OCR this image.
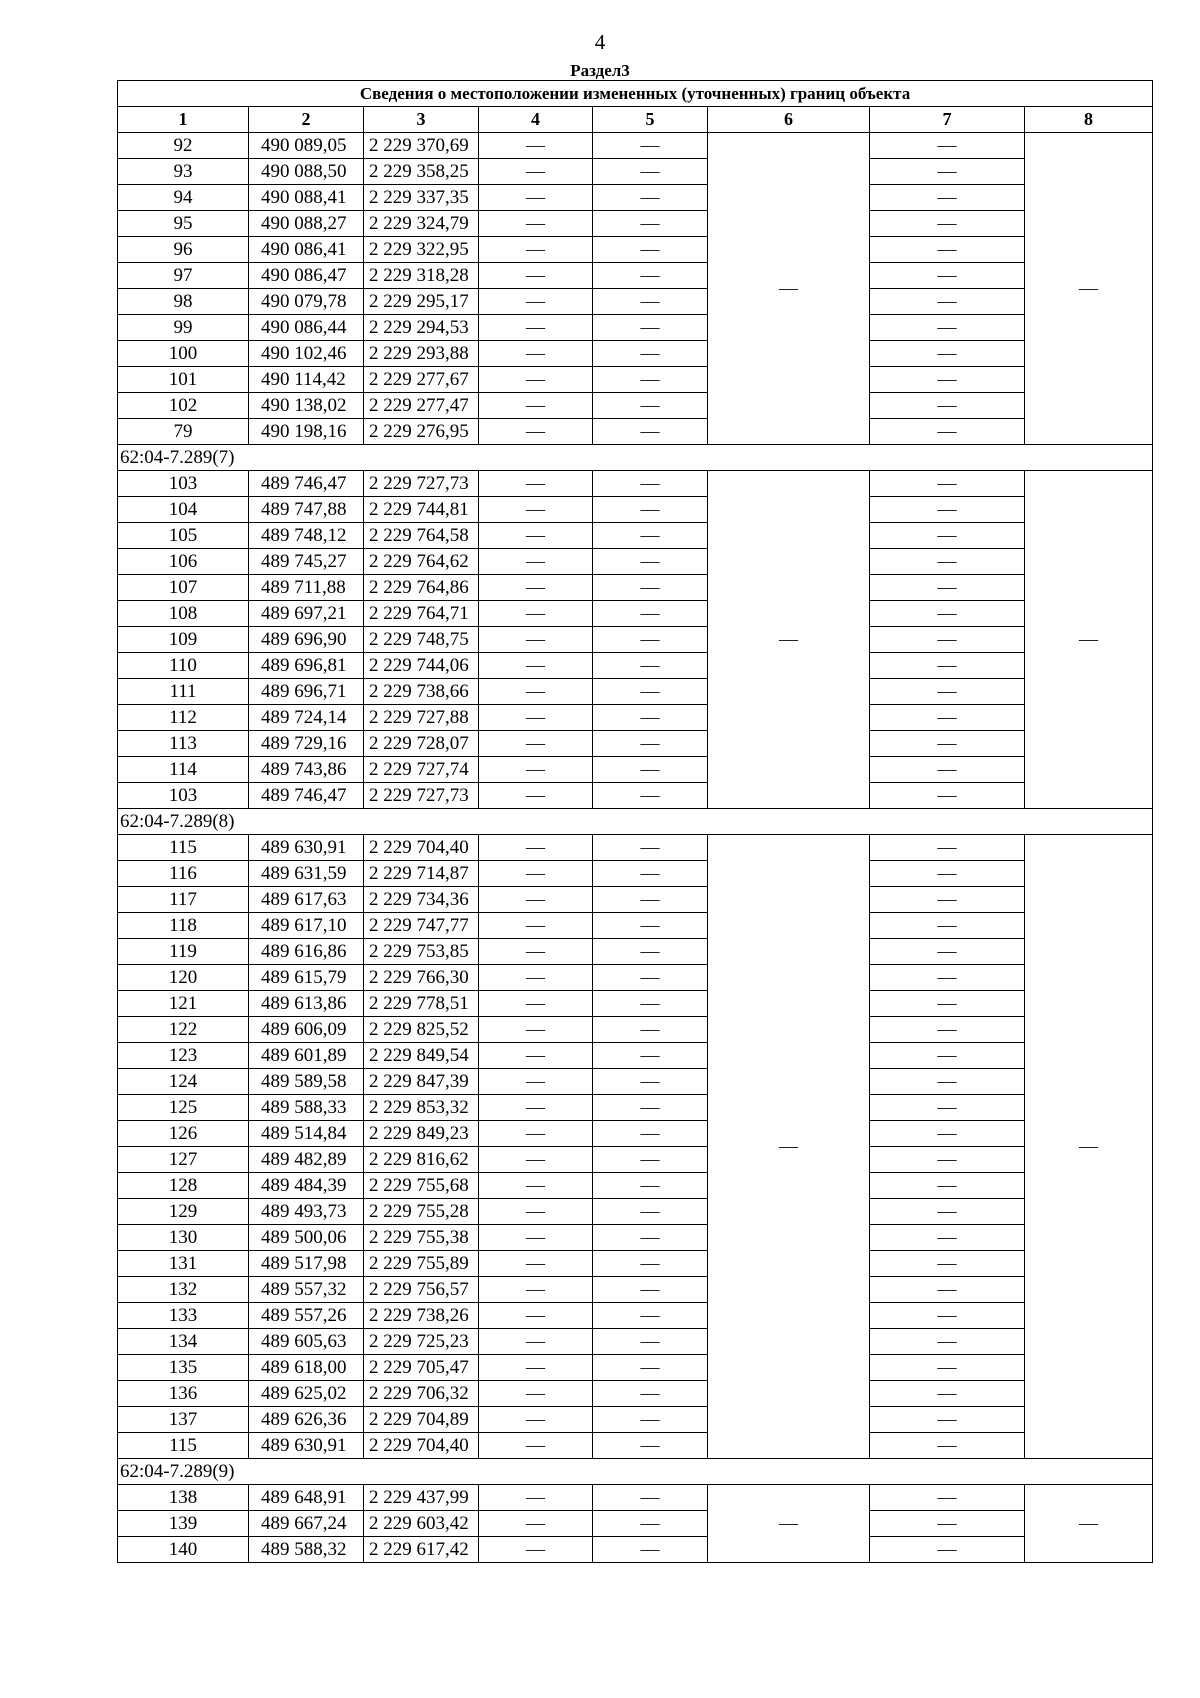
4
Раздел3
Сведения о местоположении измененных (уточненных) границ объекта							
1	2	3	4	5	6	7	8
92	490 089,05	2 229 370,69	—	—	—	—	—
93	490 088,50	2 229 358,25	—	—		—	
94	490 088,41	2 229 337,35	—	—		—	
95	490 088,27	2 229 324,79	—	—		—	
96	490 086,41	2 229 322,95	—	—		—	
97	490 086,47	2 229 318,28	—	—		—	
98	490 079,78	2 229 295,17	—	—		—	
99	490 086,44	2 229 294,53	—	—		—	
100	490 102,46	2 229 293,88	—	—		—	
101	490 114,42	2 229 277,67	—	—		—	
102	490 138,02	2 229 277,47	—	—		—	
79	490 198,16	2 229 276,95	—	—		—	
62:04-7.289(7)							
103	489 746,47	2 229 727,73	—	—	—	—	—
104	489 747,88	2 229 744,81	—	—		—	
105	489 748,12	2 229 764,58	—	—		—	
106	489 745,27	2 229 764,62	—	—		—	
107	489 711,88	2 229 764,86	—	—		—	
108	489 697,21	2 229 764,71	—	—		—	
109	489 696,90	2 229 748,75	—	—		—	
110	489 696,81	2 229 744,06	—	—		—	
111	489 696,71	2 229 738,66	—	—		—	
112	489 724,14	2 229 727,88	—	—		—	
113	489 729,16	2 229 728,07	—	—		—	
114	489 743,86	2 229 727,74	—	—		—	
103	489 746,47	2 229 727,73	—	—		—	
62:04-7.289(8)							
115	489 630,91	2 229 704,40	—	—	—	—	—
116	489 631,59	2 229 714,87	—	—		—	
117	489 617,63	2 229 734,36	—	—		—	
118	489 617,10	2 229 747,77	—	—		—	
119	489 616,86	2 229 753,85	—	—		—	
120	489 615,79	2 229 766,30	—	—		—	
121	489 613,86	2 229 778,51	—	—		—	
122	489 606,09	2 229 825,52	—	—		—	
123	489 601,89	2 229 849,54	—	—		—	
124	489 589,58	2 229 847,39	—	—		—	
125	489 588,33	2 229 853,32	—	—		—	
126	489 514,84	2 229 849,23	—	—		—	
127	489 482,89	2 229 816,62	—	—		—	
128	489 484,39	2 229 755,68	—	—		—	
129	489 493,73	2 229 755,28	—	—		—	
130	489 500,06	2 229 755,38	—	—		—	
131	489 517,98	2 229 755,89	—	—		—	
132	489 557,32	2 229 756,57	—	—		—	
133	489 557,26	2 229 738,26	—	—		—	
134	489 605,63	2 229 725,23	—	—		—	
135	489 618,00	2 229 705,47	—	—		—	
136	489 625,02	2 229 706,32	—	—		—	
137	489 626,36	2 229 704,89	—	—		—	
115	489 630,91	2 229 704,40	—	—		—	
62:04-7.289(9)							
138	489 648,91	2 229 437,99	—	—	—	—	—
139	489 667,24	2 229 603,42	—	—		—	
140	489 588,32	2 229 617,42	—	—		—	
